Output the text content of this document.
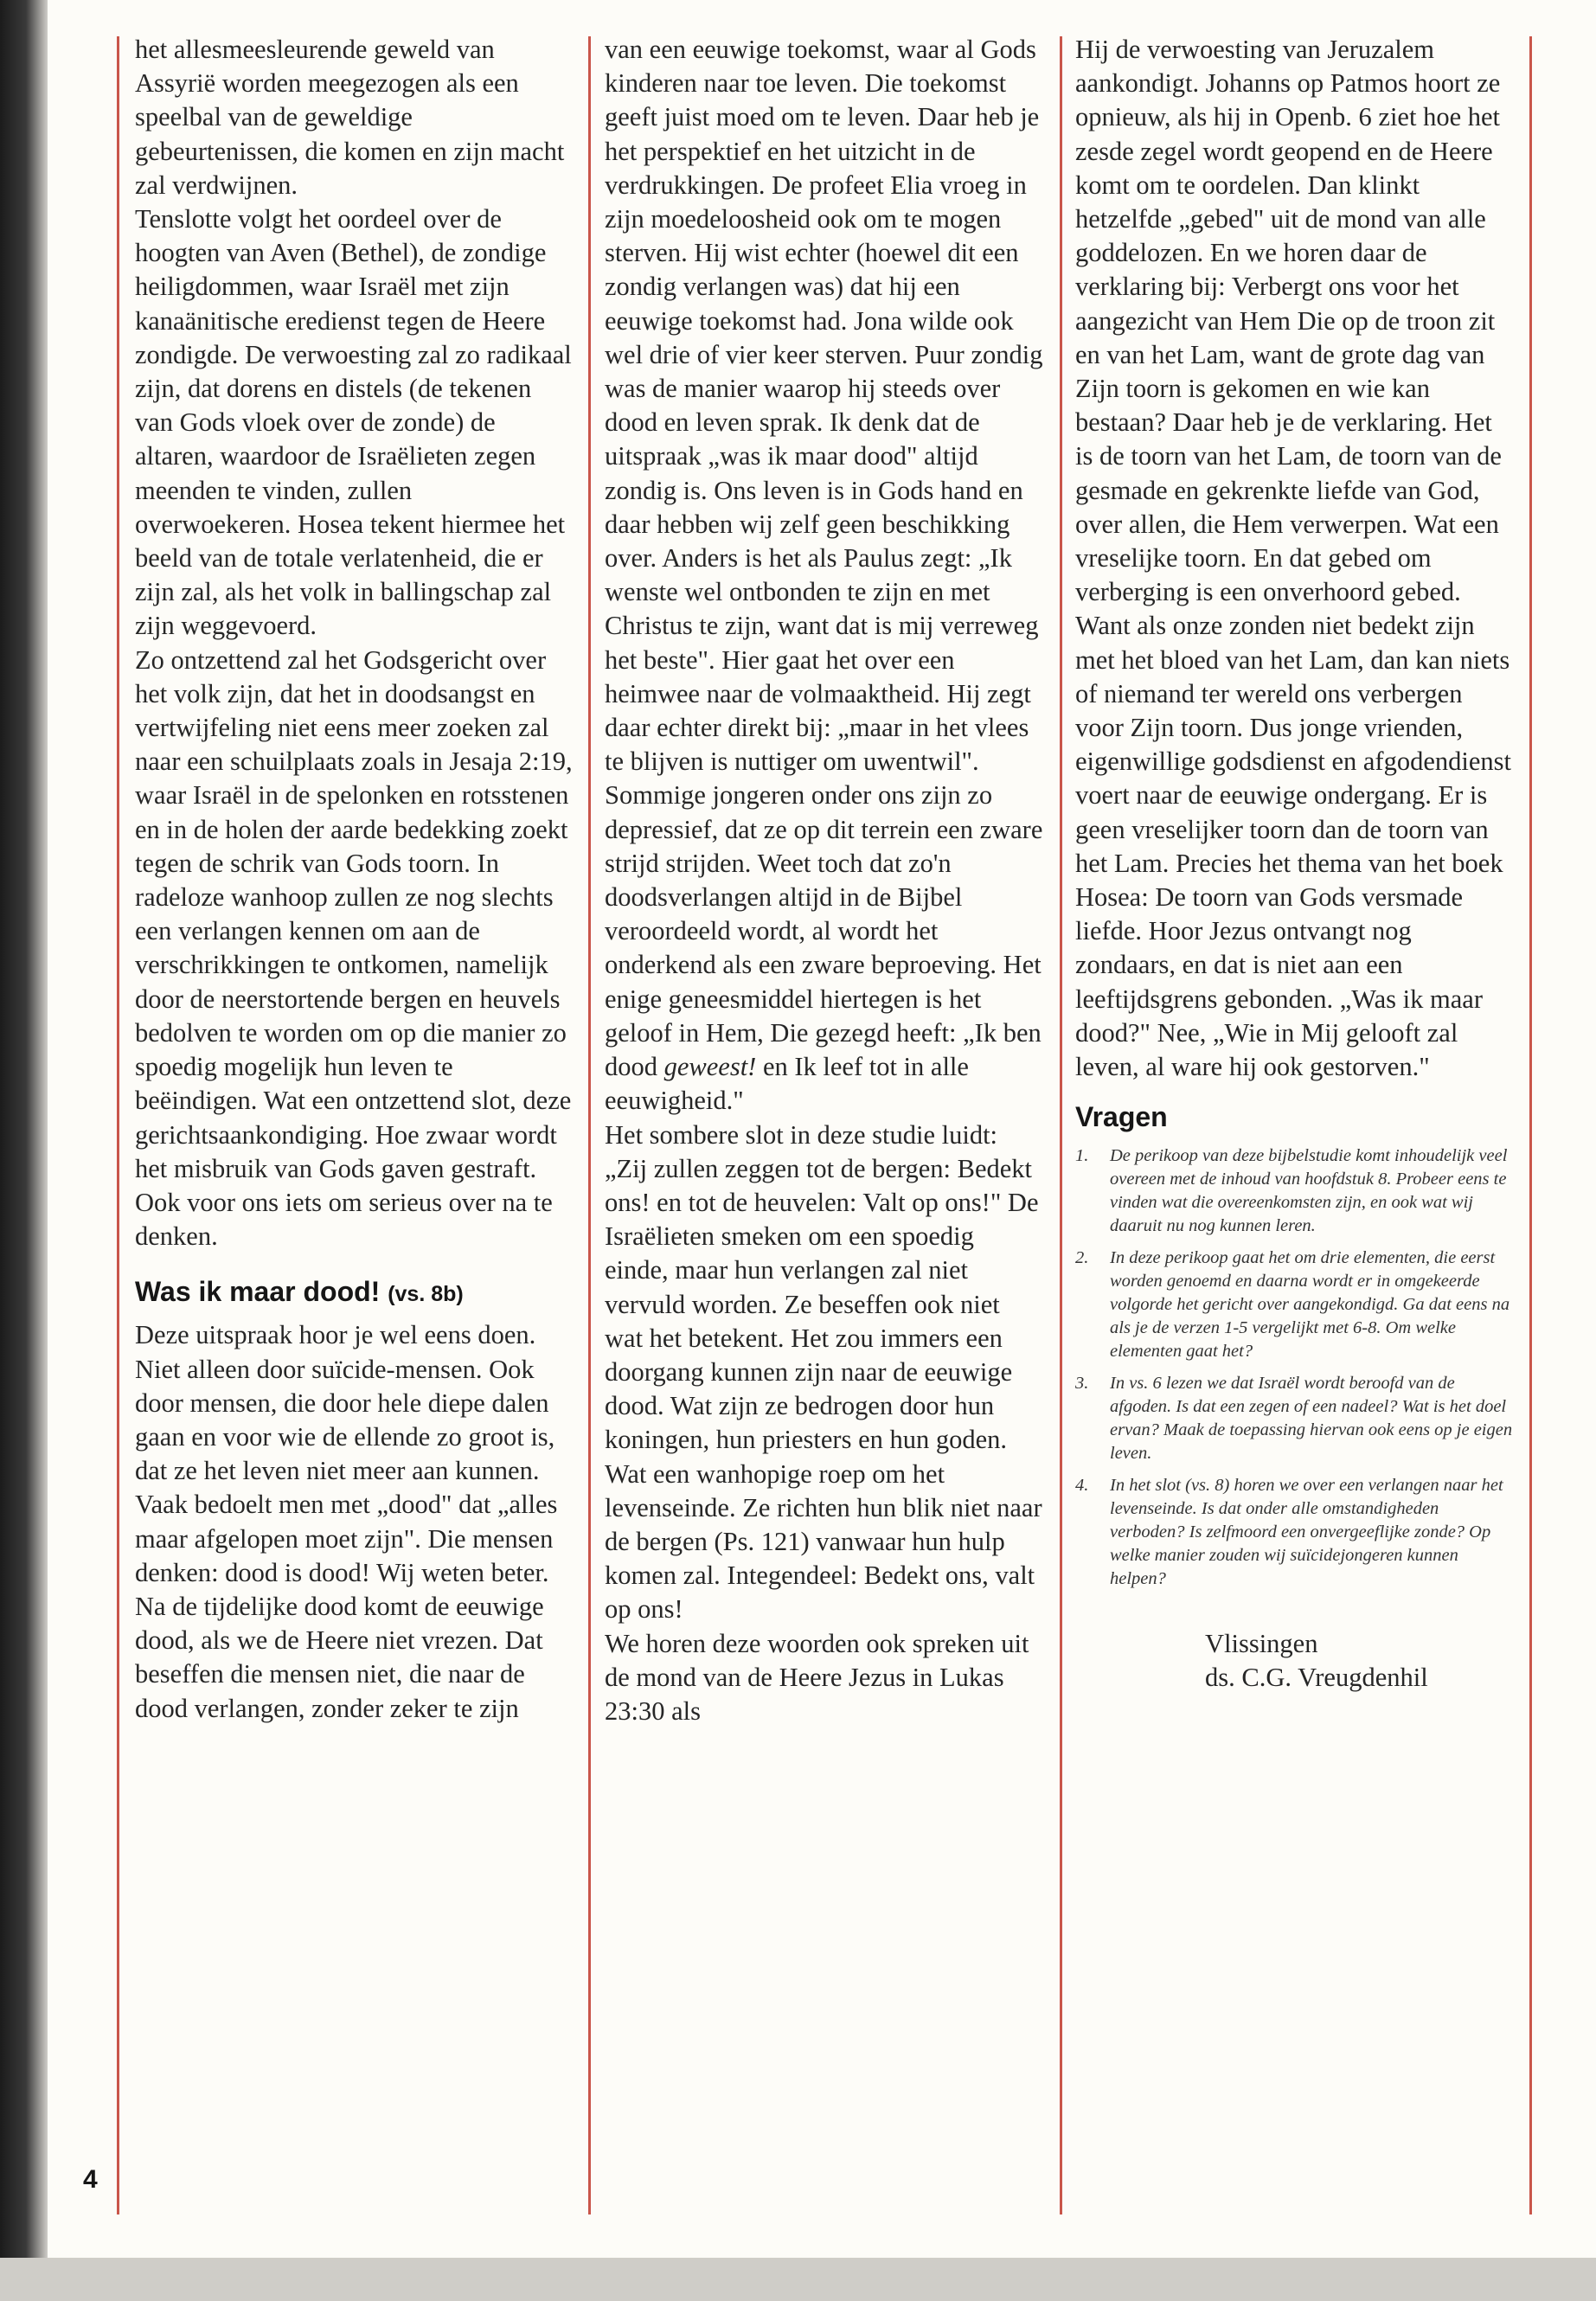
het allesmeesleurende geweld van Assyrië worden meegezogen als een speelbal van de geweldige gebeurtenissen, die komen en zijn macht zal verdwijnen.

Tenslotte volgt het oordeel over de hoogten van Aven (Bethel), de zondige heiligdommen, waar Israël met zijn kanaänitische eredienst tegen de Heere zondigde. De verwoesting zal zo radikaal zijn, dat dorens en distels (de tekenen van Gods vloek over de zonde) de altaren, waardoor de Israëlieten zegen meenden te vinden, zullen overwoekeren. Hosea tekent hiermee het beeld van de totale verlatenheid, die er zijn zal, als het volk in ballingschap zal zijn weggevoerd.

Zo ontzettend zal het Godsgericht over het volk zijn, dat het in doodsangst en vertwijfeling niet eens meer zoeken zal naar een schuilplaats zoals in Jesaja 2:19, waar Israël in de spelonken en rotsstenen en in de holen der aarde bedekking zoekt tegen de schrik van Gods toorn. In radeloze wanhoop zullen ze nog slechts een verlangen kennen om aan de verschrikkingen te ontkomen, namelijk door de neerstortende bergen en heuvels bedolven te worden om op die manier zo spoedig mogelijk hun leven te beëindigen. Wat een ontzettend slot, deze gerichtsaankondiging. Hoe zwaar wordt het misbruik van Gods gaven gestraft. Ook voor ons iets om serieus over na te denken.

Was ik maar dood! (vs. 8b)

Deze uitspraak hoor je wel eens doen. Niet alleen door suïcide-mensen. Ook door mensen, die door hele diepe dalen gaan en voor wie de ellende zo groot is, dat ze het leven niet meer aan kunnen. Vaak bedoelt men met „dood" dat „alles maar afgelopen moet zijn". Die mensen denken: dood is dood! Wij weten beter. Na de tijdelijke dood komt de eeuwige dood, als we de Heere niet vrezen. Dat beseffen die mensen niet, die naar de dood verlangen, zonder zeker te zijn

van een eeuwige toekomst, waar al Gods kinderen naar toe leven. Die toekomst geeft juist moed om te leven. Daar heb je het perspektief en het uitzicht in de verdrukkingen. De profeet Elia vroeg in zijn moedeloosheid ook om te mogen sterven. Hij wist echter (hoewel dit een zondig verlangen was) dat hij een eeuwige toekomst had. Jona wilde ook wel drie of vier keer sterven. Puur zondig was de manier waarop hij steeds over dood en leven sprak. Ik denk dat de uitspraak „was ik maar dood" altijd zondig is. Ons leven is in Gods hand en daar hebben wij zelf geen beschikking over. Anders is het als Paulus zegt: „Ik wenste wel ontbonden te zijn en met Christus te zijn, want dat is mij verreweg het beste". Hier gaat het over een heimwee naar de volmaaktheid. Hij zegt daar echter direkt bij: „maar in het vlees te blijven is nuttiger om uwentwil".

Sommige jongeren onder ons zijn zo depressief, dat ze op dit terrein een zware strijd strijden. Weet toch dat zo'n doodsverlangen altijd in de Bijbel veroordeeld wordt, al wordt het onderkend als een zware beproeving. Het enige geneesmiddel hiertegen is het geloof in Hem, Die gezegd heeft: „Ik ben dood geweest! en Ik leef tot in alle eeuwigheid."

Het sombere slot in deze studie luidt: „Zij zullen zeggen tot de bergen: Bedekt ons! en tot de heuvelen: Valt op ons!" De Israëlieten smeken om een spoedig einde, maar hun verlangen zal niet vervuld worden. Ze beseffen ook niet wat het betekent. Het zou immers een doorgang kunnen zijn naar de eeuwige dood. Wat zijn ze bedrogen door hun koningen, hun priesters en hun goden. Wat een wanhopige roep om het levenseinde. Ze richten hun blik niet naar de bergen (Ps. 121) vanwaar hun hulp komen zal. Integendeel: Bedekt ons, valt op ons!

We horen deze woorden ook spreken uit de mond van de Heere Jezus in Lukas 23:30 als

Hij de verwoesting van Jeruzalem aankondigt. Johanns op Patmos hoort ze opnieuw, als hij in Openb. 6 ziet hoe het zesde zegel wordt geopend en de Heere komt om te oordelen. Dan klinkt hetzelfde „gebed" uit de mond van alle goddelozen. En we horen daar de verklaring bij: Verbergt ons voor het aangezicht van Hem Die op de troon zit en van het Lam, want de grote dag van Zijn toorn is gekomen en wie kan bestaan? Daar heb je de verklaring. Het is de toorn van het Lam, de toorn van de gesmade en gekrenkte liefde van God, over allen, die Hem verwerpen. Wat een vreselijke toorn. En dat gebed om verberging is een onverhoord gebed. Want als onze zonden niet bedekt zijn met het bloed van het Lam, dan kan niets of niemand ter wereld ons verbergen voor Zijn toorn. Dus jonge vrienden, eigenwillige godsdienst en afgodendienst voert naar de eeuwige ondergang. Er is geen vreselijker toorn dan de toorn van het Lam. Precies het thema van het boek Hosea: De toorn van Gods versmade liefde. Hoor Jezus ontvangt nog zondaars, en dat is niet aan een leeftijdsgrens gebonden. „Was ik maar dood?" Nee, „Wie in Mij gelooft zal leven, al ware hij ook gestorven."

Vragen
1. De perikoop van deze bijbelstudie komt inhoudelijk veel overeen met de inhoud van hoofdstuk 8. Probeer eens te vinden wat die overeenkomsten zijn, en ook wat wij daaruit nu nog kunnen leren.
2. In deze perikoop gaat het om drie elementen, die eerst worden genoemd en daarna wordt er in omgekeerde volgorde het gericht over aangekondigd. Ga dat eens na als je de verzen 1-5 vergelijkt met 6-8. Om welke elementen gaat het?
3. In vs. 6 lezen we dat Israël wordt beroofd van de afgoden. Is dat een zegen of een nadeel? Wat is het doel ervan? Maak de toepassing hiervan ook eens op je eigen leven.
4. In het slot (vs. 8) horen we over een verlangen naar het levenseinde. Is dat onder alle omstandigheden verboden? Is zelfmoord een onvergeeflijke zonde? Op welke manier zouden wij suïcidejongeren kunnen helpen?
Vlissingen
ds. C.G. Vreugdenhil
4
